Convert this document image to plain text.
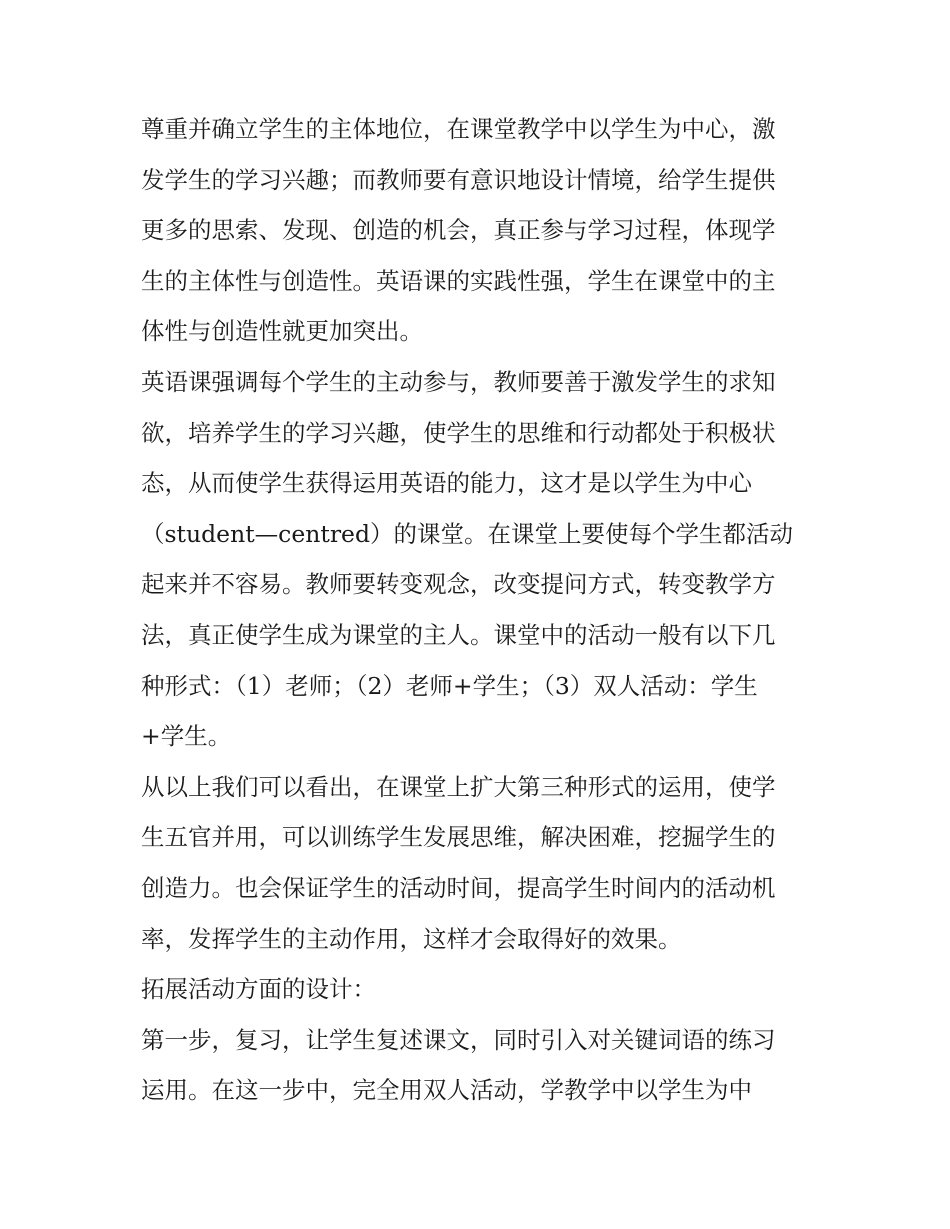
尊重并确立学生的主体地位，在课堂教学中以学生为中心，激
发学生的学习兴趣；而教师要有意识地设计情境，给学生提供
更多的思索、发现、创造的机会，真正参与学习过程，体现学
生的主体性与创造性。英语课的实践性强，学生在课堂中的主
体性与创造性就更加突出。
英语课强调每个学生的主动参与，教师要善于激发学生的求知
欲，培养学生的学习兴趣，使学生的思维和行动都处于积极状
态，从而使学生获得运用英语的能力，这才是以学生为中心
（student—centred）的课堂。在课堂上要使每个学生都活动
起来并不容易。教师要转变观念，改变提问方式，转变教学方
法，真正使学生成为课堂的主人。课堂中的活动一般有以下几
种形式：（1）老师；（2）老师+学生；（3）双人活动：学生
+学生。
从以上我们可以看出，在课堂上扩大第三种形式的运用，使学
生五官并用，可以训练学生发展思维，解决困难，挖掘学生的
创造力。也会保证学生的活动时间，提高学生时间内的活动机
率，发挥学生的主动作用，这样才会取得好的效果。
拓展活动方面的设计：
第一步，复习，让学生复述课文，同时引入对关键词语的练习
运用。在这一步中，完全用双人活动，学教学中以学生为中
